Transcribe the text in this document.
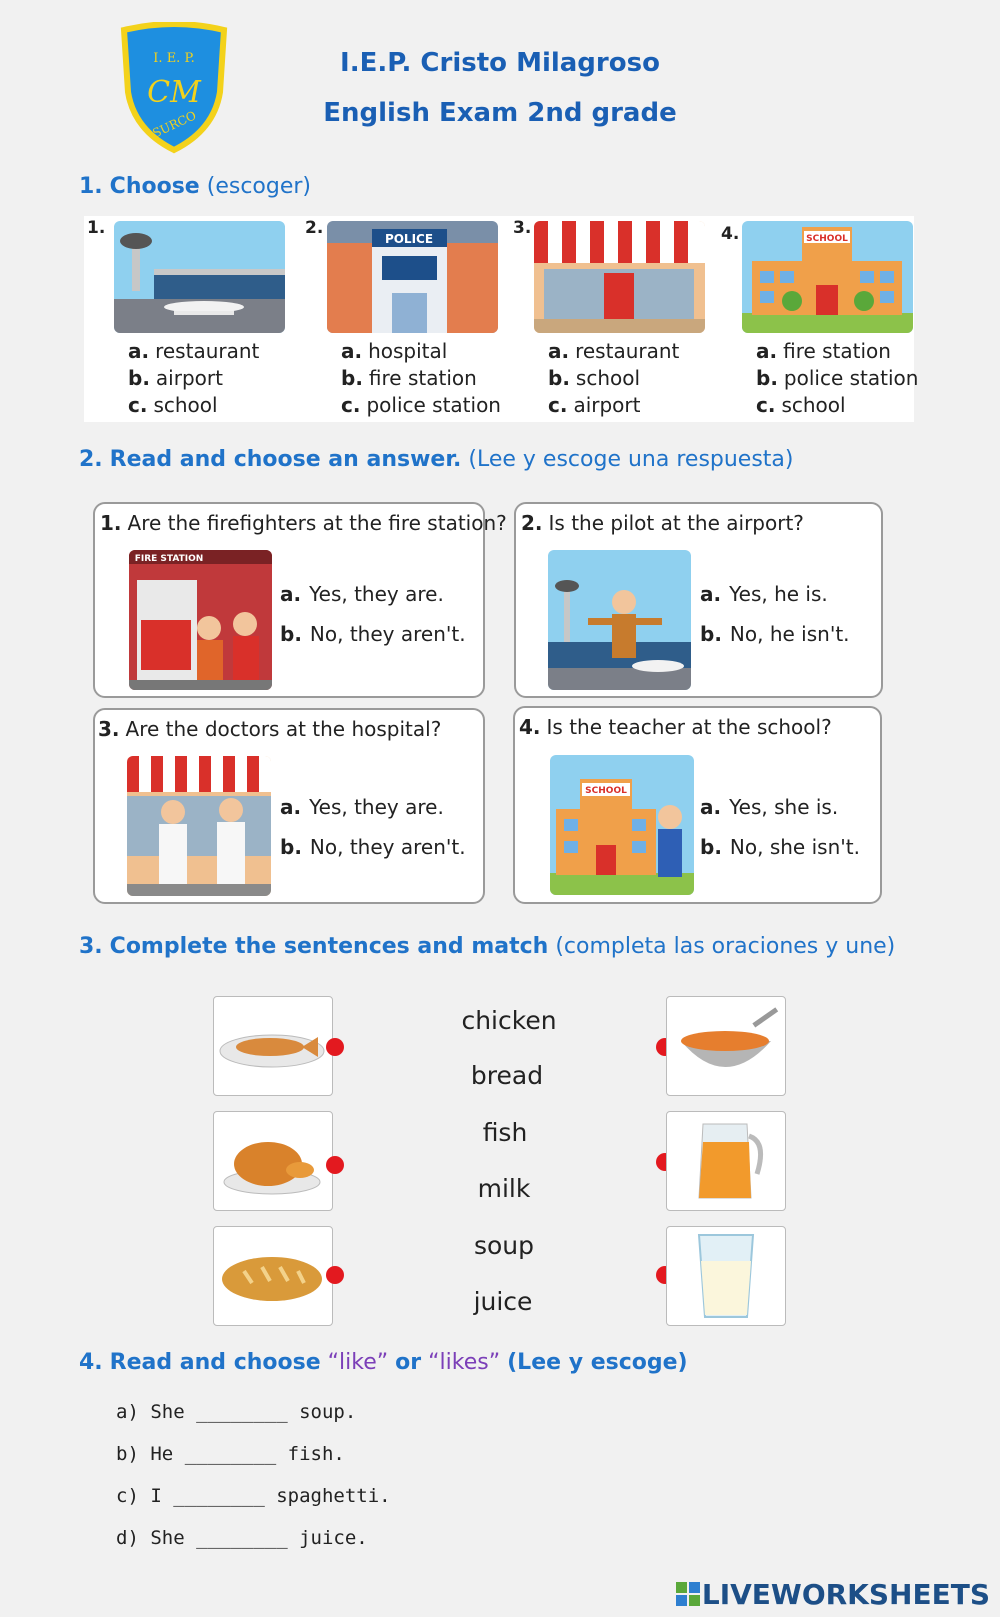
I. E. P.
CM
SURCO
I.E.P. Cristo Milagroso
English Exam 2nd grade
1. Choose (escoger)
1.
a. restaurant
b. airport
c. school
2.
POLICE
a. hospital
b. fire station
c. police station
3.
a. restaurant
b. school
c. airport
4.	SCHOOL
a. fire station
b. police station
c. school
2. Read and choose an answer. (Lee y escoge una respuesta)
1. Are the firefighters at the fire station?
FIRE STATION
a. Yes, they are.
b. No, they aren't.
2. Is the pilot at the airport?
a. Yes, he is.
b. No, he isn't.
3. Are the doctors at the hospital?
a. Yes, they are.
b. No, they aren't.
4. Is the teacher at the school?
SCHOOL
a. Yes, she is.
b. No, she isn't.
3. Complete the sentences and match (completa las oraciones y une)
chicken
bread
fish
milk
soup
juice
4. Read and choose “like” or “likes” (Lee y escoge)
a) She ________ soup.
b) He ________ fish.
c) I ________ spaghetti.
d) She ________ juice.
LIVEWORKSHEETS
